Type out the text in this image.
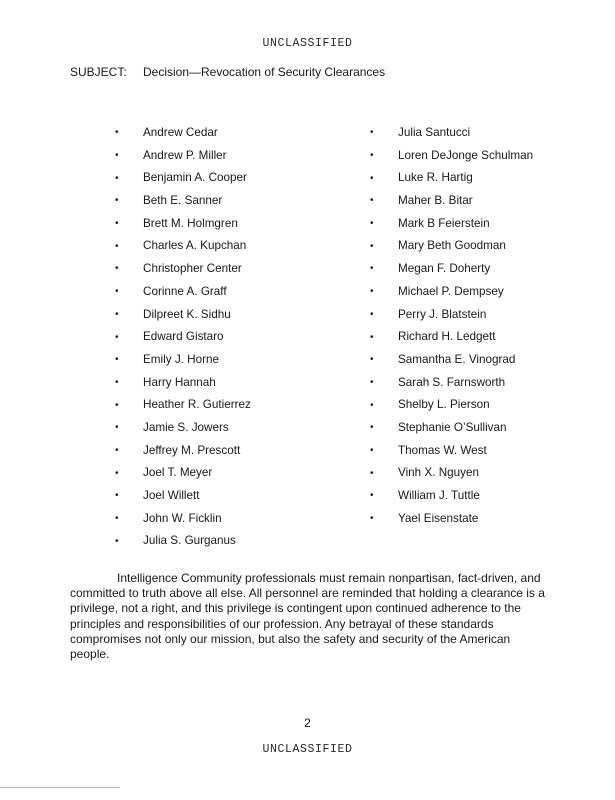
UNCLASSIFIED
SUBJECT: Decision—Revocation of Security Clearances
•
Andrew Cedar
•
Andrew P. Miller
•
Benjamin A. Cooper
•
Beth E. Sanner
•
Brett M. Holmgren
•
Charles A. Kupchan
•
Christopher Center
•
Corinne A. Graff
•
Dilpreet K. Sidhu
•
Edward Gistaro
•
Emily J. Horne
•
Harry Hannah
•
Heather R. Gutierrez
•
Jamie S. Jowers
•
Jeffrey M. Prescott
•
Joel T. Meyer
•
Joel Willett
•
John W. Ficklin
•
Julia S. Gurganus
•
Julia Santucci
•
Loren DeJonge Schulman
•
Luke R. Hartig
•
Maher B. Bitar
•
Mark B Feierstein
•
Mary Beth Goodman
•
Megan F. Doherty
•
Michael P. Dempsey
•
Perry J. Blatstein
•
Richard H. Ledgett
•
Samantha E. Vinograd
•
Sarah S. Farnsworth
•
Shelby L. Pierson
•
Stephanie O’Sullivan
•
Thomas W. West
•
Vinh X. Nguyen
•
William J. Tuttle
•
Yael Eisenstate

Intelligence Community professionals must remain nonpartisan, fact-driven, and committed to truth above all else. All personnel are reminded that holding a clearance is a privilege, not a right, and this privilege is contingent upon continued adherence to the principles and responsibilities of our profession. Any betrayal of these standards compromises not only our mission, but also the safety and security of the American people.

2
UNCLASSIFIED
